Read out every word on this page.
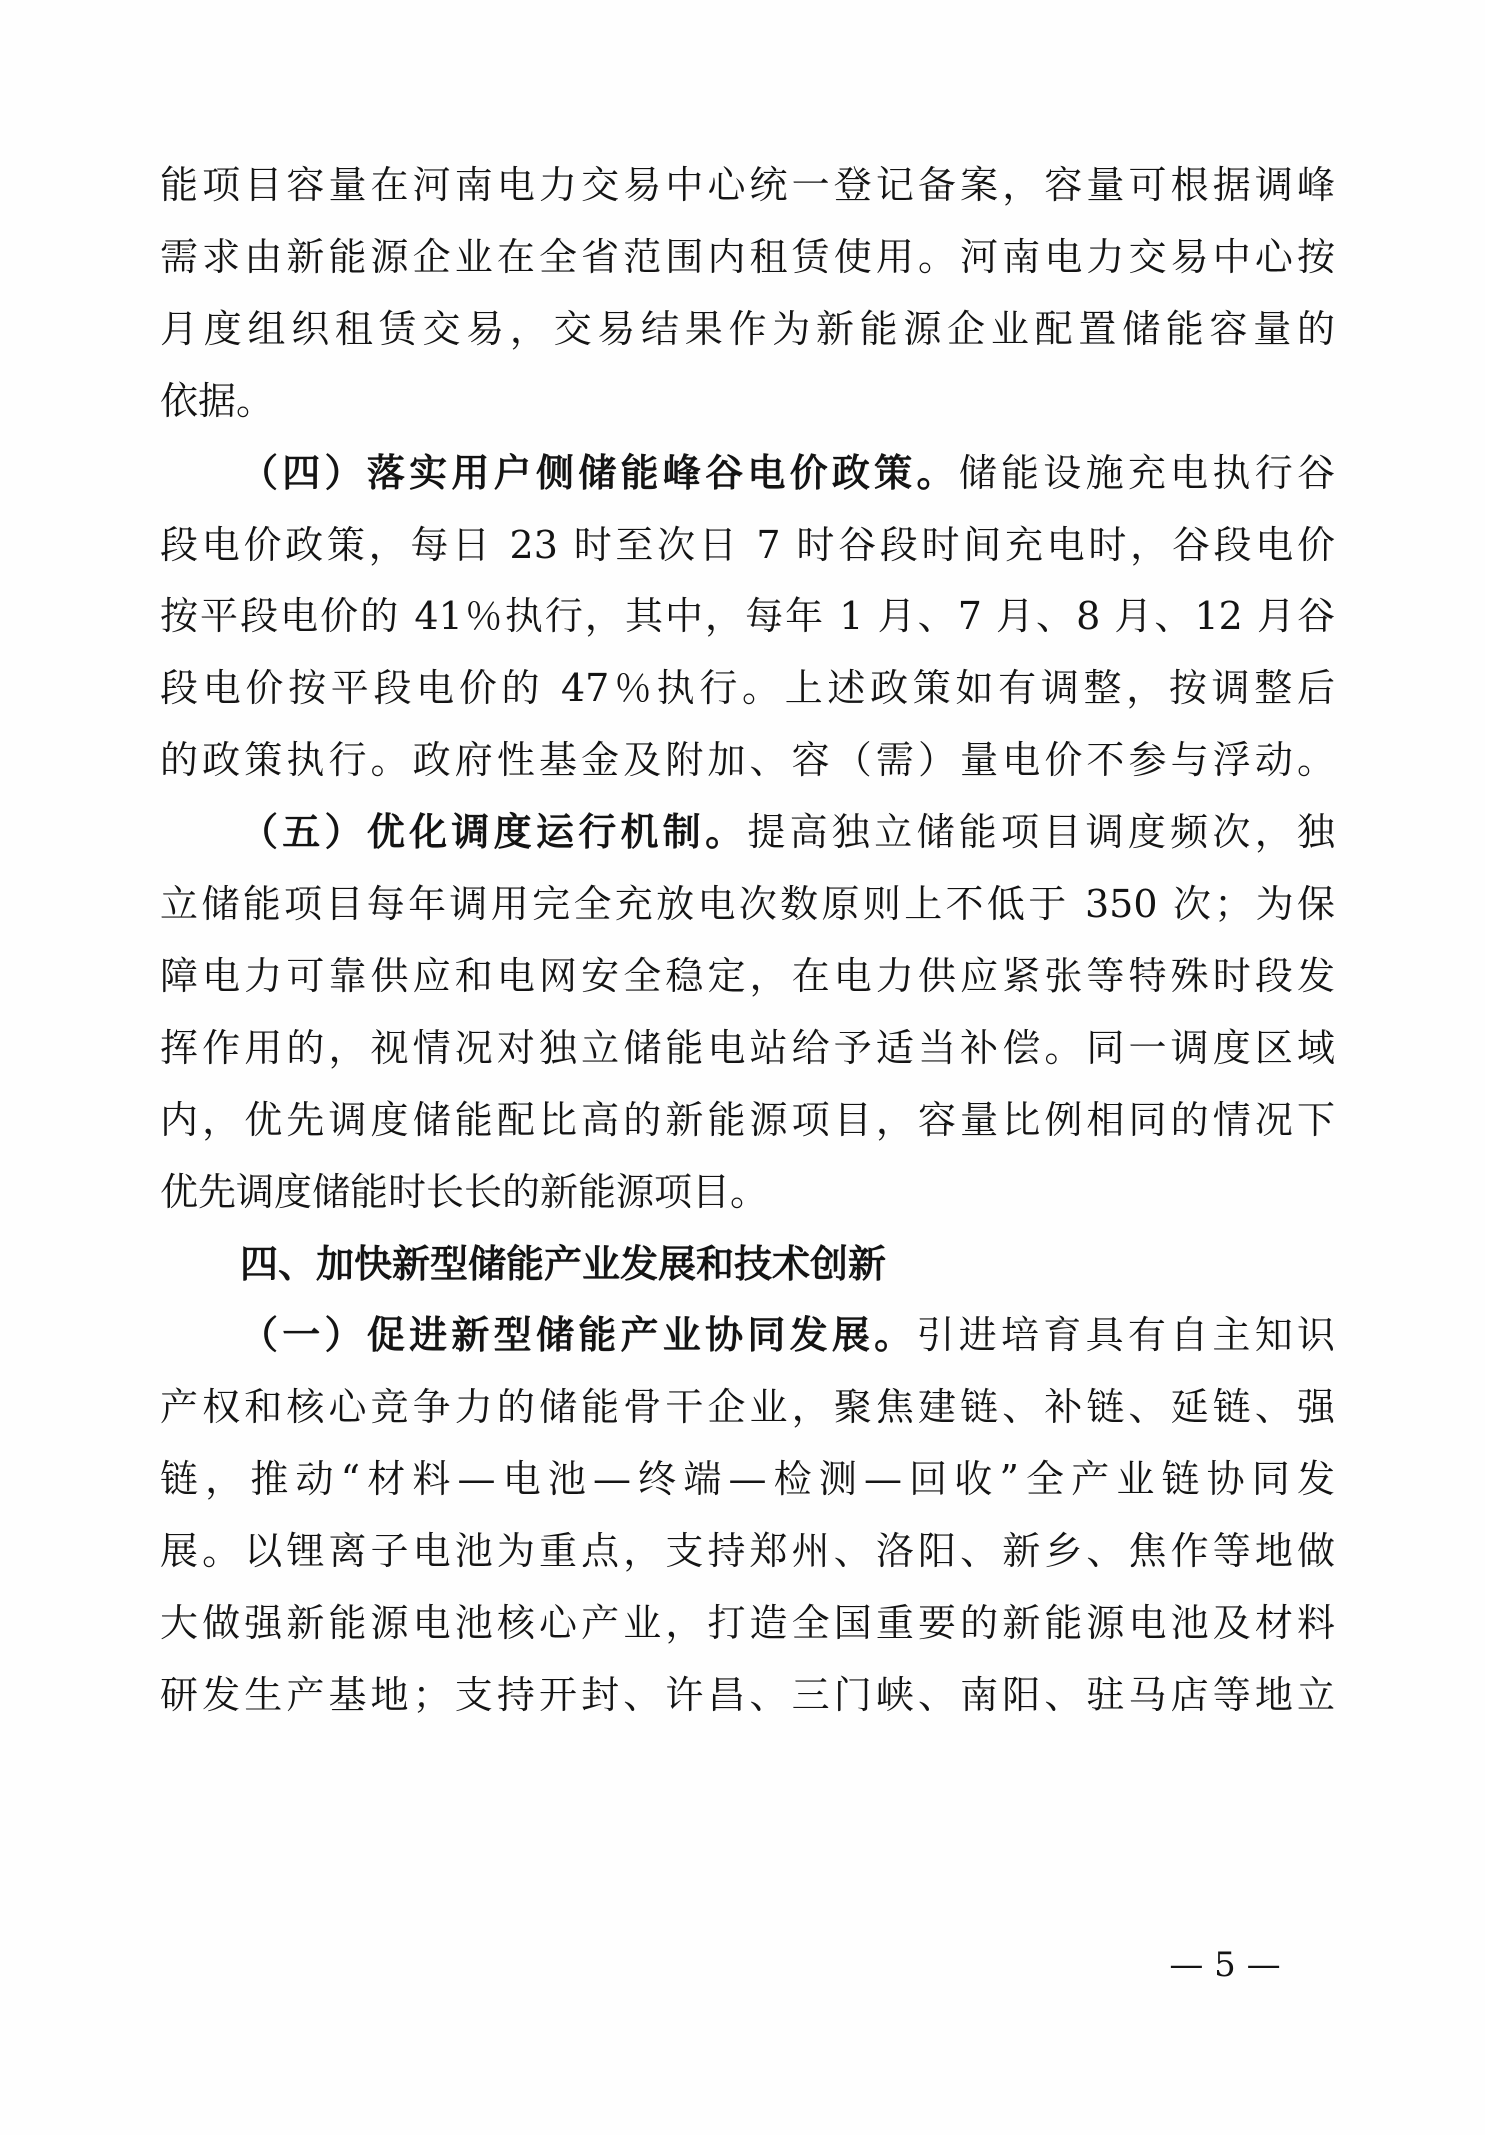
能项目容量在河南电力交易中心统一登记备案，容量可根据调峰
需求由新能源企业在全省范围内租赁使用。河南电力交易中心按
月度组织租赁交易，交易结果作为新能源企业配置储能容量的
依据。
（四）落实用户侧储能峰谷电价政策。储能设施充电执行谷
段电价政策，每日 23 时至次日 7 时谷段时间充电时，谷段电价
按平段电价的 41％执行，其中，每年 1 月、7 月、8 月、12 月谷
段电价按平段电价的 47％执行。上述政策如有调整，按调整后
的政策执行。政府性基金及附加、容（需）量电价不参与浮动。
（五）优化调度运行机制。提高独立储能项目调度频次，独
立储能项目每年调用完全充放电次数原则上不低于 350 次；为保
障电力可靠供应和电网安全稳定，在电力供应紧张等特殊时段发
挥作用的，视情况对独立储能电站给予适当补偿。同一调度区域
内，优先调度储能配比高的新能源项目，容量比例相同的情况下
优先调度储能时长长的新能源项目。
四、加快新型储能产业发展和技术创新
（一）促进新型储能产业协同发展。引进培育具有自主知识
产权和核心竞争力的储能骨干企业，聚焦建链、补链、延链、强
链，推动“材料—电池—终端—检测—回收”全产业链协同发
展。以锂离子电池为重点，支持郑州、洛阳、新乡、焦作等地做
大做强新能源电池核心产业，打造全国重要的新能源电池及材料
研发生产基地；支持开封、许昌、三门峡、南阳、驻马店等地立
— 5 —
